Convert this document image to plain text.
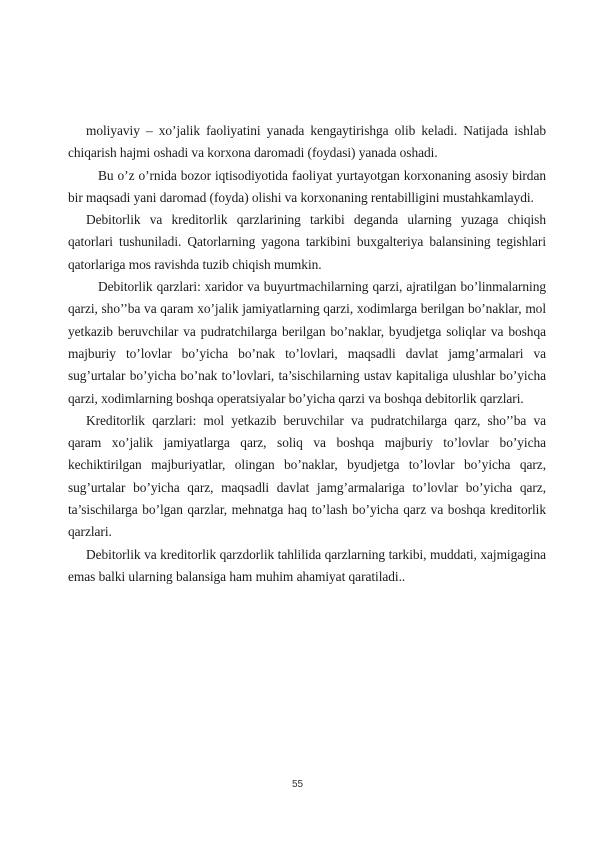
moliyaviy – xo’jalik faoliyatini yanada kengaytirishga olib keladi. Natijada ishlab chiqarish hajmi oshadi va korxona daromadi (foydasi) yanada oshadi.

Bu o’z o’rnida bozor iqtisodiyotida faoliyat yurtayotgan korxonaning asosiy birdan bir maqsadi yani daromad (foyda) olishi va korxonaning rentabilligini mustahkamlaydi.

Debitorlik va kreditorlik qarzlarining tarkibi deganda ularning yuzaga chiqish qatorlari tushuniladi. Qatorlarning yagona tarkibini buxgalteriya balansining tegishlari qatorlariga mos ravishda tuzib chiqish mumkin.

Debitorlik qarzlari: xaridor va buyurtmachilarning qarzi, ajratilgan bo’linmalarning qarzi, sho’’ba va qaram xo’jalik jamiyatlarning qarzi, xodimlarga berilgan bo’naklar, mol yetkazib beruvchilar va pudratchilarga berilgan bo’naklar, byudjetga soliqlar va boshqa majburiy to’lovlar bo’yicha bo’nak to’lovlari, maqsadli davlat jamg’armalari va sug’urtalar bo’yicha bo’nak to’lovlari, ta’sischilarning ustav kapitaliga ulushlar bo’yicha qarzi, xodimlarning boshqa operatsiyalar bo’yicha qarzi va boshqa debitorlik qarzlari.

Kreditorlik qarzlari: mol yetkazib beruvchilar va pudratchilarga qarz, sho’’ba va qaram xo’jalik jamiyatlarga qarz, soliq va boshqa majburiy to’lovlar bo’yicha kechiktirilgan majburiyatlar, olingan bo’naklar, byudjetga to’lovlar bo’yicha qarz, sug’urtalar bo’yicha qarz, maqsadli davlat jamg’armalariga to’lovlar bo’yicha qarz, ta’sischilarga bo’lgan qarzlar, mehnatga haq to’lash bo’yicha qarz va boshqa kreditorlik qarzlari.

Debitorlik va kreditorlik qarzdorlik tahlilida qarzlarning tarkibi, muddati, xajmigagina emas balki ularning balansiga ham muhim ahamiyat qaratiladi..

55
